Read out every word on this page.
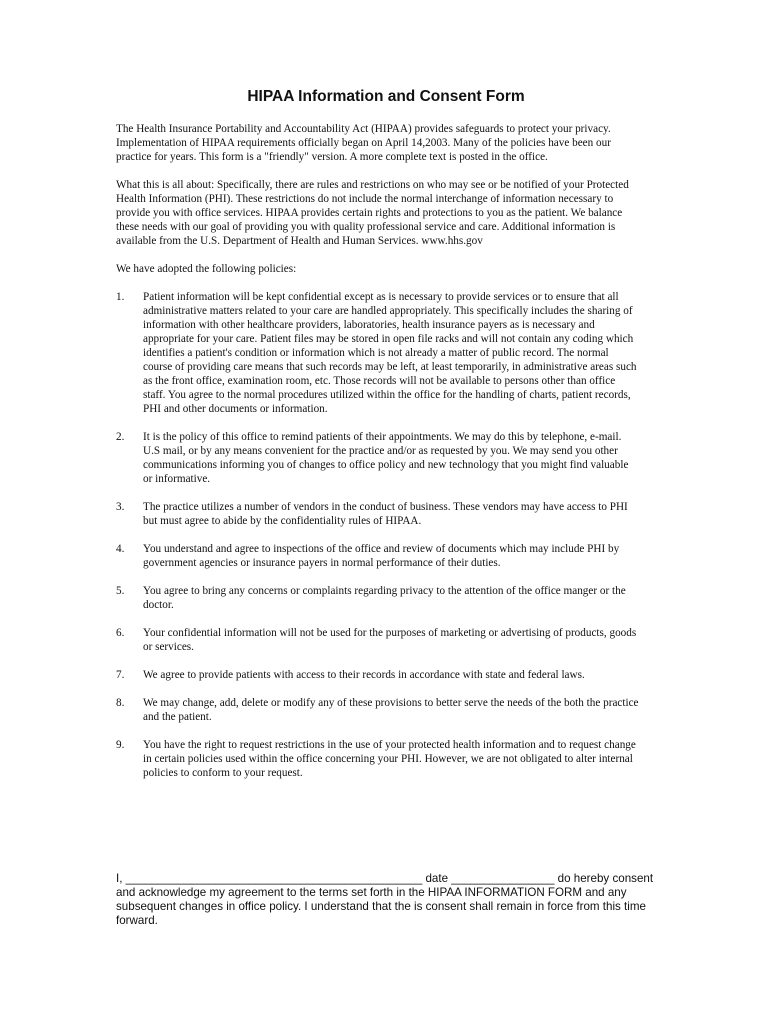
HIPAA Information and Consent Form

The Health Insurance Portability and Accountability Act (HIPAA) provides safeguards to protect your privacy. Implementation of HIPAA requirements officially began on April 14,2003. Many of the policies have been our practice for years. This form is a "friendly" version. A more complete text is posted in the office.

What this is all about: Specifically, there are rules and restrictions on who may see or be notified of your Protected Health Information (PHI). These restrictions do not include the normal interchange of information necessary to provide you with office services. HIPAA provides certain rights and protections to you as the patient. We balance these needs with our goal of providing you with quality professional service and care. Additional information is available from the U.S. Department of Health and Human Services. www.hhs.gov

We have adopted the following policies:

1.	Patient information will be kept confidential except as is necessary to provide services or to ensure that all administrative matters related to your care are handled appropriately. This specifically includes the sharing of information with other healthcare providers, laboratories, health insurance payers as is necessary and appropriate for your care. Patient files may be stored in open file racks and will not contain any coding which identifies a patient's condition or information which is not already a matter of public record. The normal course of providing care means that such records may be left, at least temporarily, in administrative areas such as the front office, examination room, etc. Those records will not be available to persons other than office staff. You agree to the normal procedures utilized within the office for the handling of charts, patient records, PHI and other documents or information.
2.	It is the policy of this office to remind patients of their appointments. We may do this by telephone, e-mail. U.S mail, or by any means convenient for the practice and/or as requested by you. We may send you other communications informing you of changes to office policy and new technology that you might find valuable or informative.
3.	The practice utilizes a number of vendors in the conduct of business. These vendors may have access to PHI but must agree to abide by the confidentiality rules of HIPAA.
4.	You understand and agree to inspections of the office and review of documents which may include PHI by government agencies or insurance payers in normal performance of their duties.
5.	You agree to bring any concerns or complaints regarding privacy to the attention of the office manger or the doctor.
6.	Your confidential information will not be used for the purposes of marketing or advertising of products, goods or services.
7.	We agree to provide patients with access to their records in accordance with state and federal laws.
8.	We may change, add, delete or modify any of these provisions to better serve the needs of the both the practice and the patient.
9.	You have the right to request restrictions in the use of your protected health information and to request change in certain policies used within the office concerning your PHI. However, we are not obligated to alter internal policies to conform to your request.

I, ______________________________________________ date ________________ do hereby consent and acknowledge my agreement to the terms set forth in the HIPAA INFORMATION FORM and any subsequent changes in office policy. I understand that the is consent shall remain in force from this time forward.
